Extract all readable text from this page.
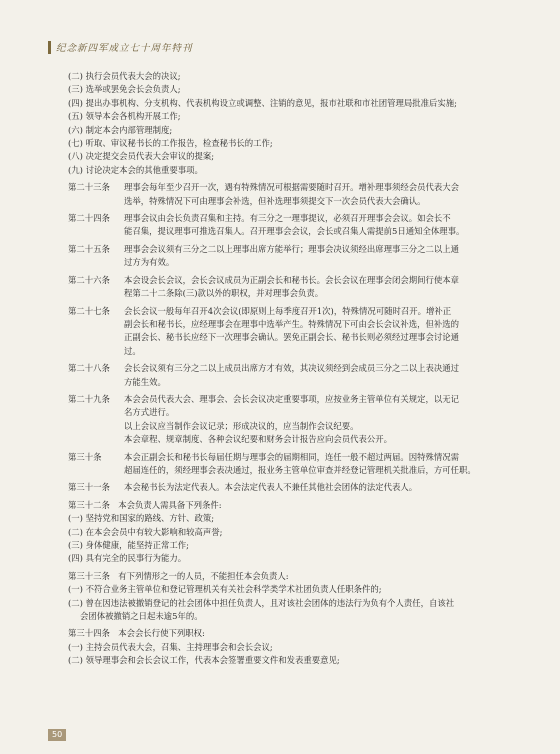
纪念新四军成立七十周年特刊
(二) 执行会员代表大会的决议;
(三) 选举或罢免会长会负责人;
(四) 提出办事机构、分支机构、代表机构设立或调整、注销的意见，报市社联和市社团管理局批准后实施;
(五) 领导本会各机构开展工作;
(六) 制定本会内部管理制度;
(七) 听取、审议秘书长的工作报告，检查秘书长的工作;
(八) 决定提交会员代表大会审议的提案;
(九) 讨论决定本会的其他重要事项。
第二十三条	理事会每年至少召开一次，遇有特殊情况可根据需要随时召开。增补理事须经会员代表大会
选举，特殊情况下可由理事会补选，但补选理事须提交下一次会员代表大会确认。
第二十四条	理事会议由会长负责召集和主持。有三分之一理事提议，必须召开理事会会议。如会长不
能召集，提议理事可推选召集人。召开理事会会议，会长或召集人需提前5日通知全体理事。
第二十五条	理事会会议须有三分之二以上理事出席方能举行；理事会决议须经出席理事三分之二以上通
过方为有效。
第二十六条	本会设会长会议，会长会议成员为正副会长和秘书长。会长会议在理事会闭会期间行使本章
程第二十二条除(三)款以外的职权，并对理事会负责。
第二十七条	会长会议一般每年召开4次会议(即原则上每季度召开1次)，特殊情况可随时召开。增补正
副会长和秘书长，应经理事会在理事中选举产生。特殊情况下可由会长会议补选，但补选的
正副会长、秘书长应经下一次理事会确认。罢免正副会长、秘书长则必须经过理事会讨论通
过。
第二十八条	会长会议须有三分之二以上成员出席方才有效，其决议须经到会成员三分之二以上表决通过
方能生效。
第二十九条	本会会员代表大会、理事会、会长会议决定重要事项，应按业务主管单位有关规定，以无记
名方式进行。
以上会议应当制作会议记录；形成决议的，应当制作会议纪要。
本会章程、规章制度、各种会议纪要和财务会计报告应向会员代表公开。
第三十条	本会正副会长和秘书长每届任期与理事会的届期相同，连任一般不超过两届。因特殊情况需
超届连任的，须经理事会表决通过，报业务主管单位审查并经登记管理机关批准后，方可任职。
第三十一条	本会秘书长为法定代表人。本会法定代表人不兼任其他社会团体的法定代表人。
第三十二条　本会负责人需具备下列条件:
(一) 坚持党和国家的路线、方针、政策;
(二) 在本会会员中有较大影响和较高声誉;
(三) 身体健康，能坚持正常工作;
(四) 具有完全的民事行为能力。
第三十三条　有下列情形之一的人员，不能担任本会负责人:
(一) 不符合业务主管单位和登记管理机关有关社会科学类学术社团负责人任职条件的;
(二) 曾在因违法被撤销登记的社会团体中担任负责人，且对该社会团体的违法行为负有个人责任，自该社
会团体被撤销之日起未逾5年的。
第三十四条　本会会长行使下列职权:
(一) 主持会员代表大会，召集、主持理事会和会长会议;
(二) 领导理事会和会长会议工作，代表本会签署重要文件和发表重要意见;
50
